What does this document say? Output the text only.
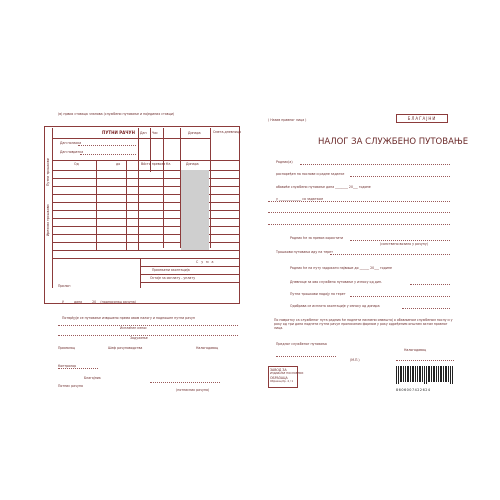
(в) првих ставаца чланова (службени путовање и појединих ставци)
ПУТНИ РАЧУН Дан Час	Динара	Смета-дневница
Дан поласка
Дан повратка
Од	до	Вóсто превоза Кл.	Динара
Путни трошкови
Ирехова трошкови
С у м а
Примљени аконтација
Остаје за исплату - уплату
Прилог:
У _____ дана _____ 20__ (подносилац рачуна)
Потврђује се путовање извршено према овом налогу и подношен путни рачун
Исплаћен износ
Задужење
Прималац	Шеф рачуноводства	Налогодавац
Контролор
Благајник
Потпис рачуна
(потписник рачуна)
( Назив правног лица )	БЛАГАЈНИ
НАЛОГ ЗА СЛУЖБЕНО ПУТОВАЊЕ
Радник(а)
распоређен на послове и радне задатке
обавиће службени путовање дана ________ 20___ године
у ______________ са задатком
Радник ће за превоз користити
(сопствено возило у рачуну)
Трошкови путовања иду на терет
Радник ће на путу задржати највише до ______ 20___ године
Дневнице за ово службено путовање у износу од дин.
Путни трошкови падају на терет
Одобрава се исплата аконтације у износу од динара
По повратку са службеног пута радник ће поднети писмени извештај о обављеном службеном послу и у року од три дана поднети путни рачун прописаном формом у року одређеним општим актом правног лица.
Предлог службеног путовања
Налогодавац
(М.П.)
ЗАВОД ЗА
ИЗДАВАЊЕ ПОСЛОВНИХ
ОБРАЗАЦА
Образац бр. 4 / 1
8606007422624
